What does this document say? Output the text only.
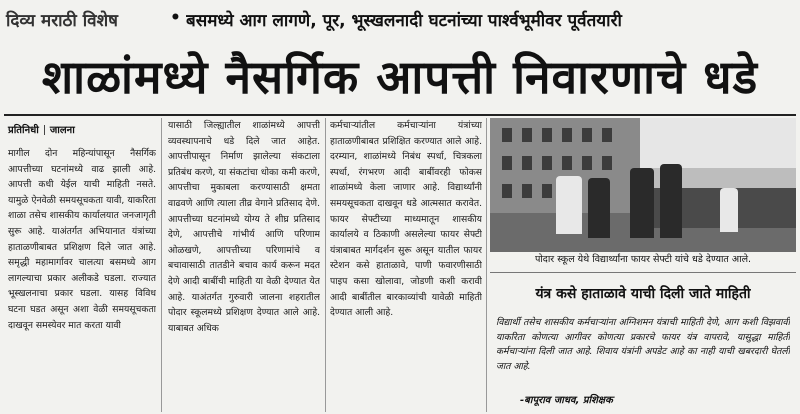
दिव्य मराठी विशेष	• बसमध्ये आग लागणे, पूर, भूस्खलनादी घटनांच्या पार्श्वभूमीवर पूर्वतयारी
शाळांमध्ये नैसर्गिक आपत्ती निवारणाचे धडे
प्रतिनिधी जालना
मागील दोन महिन्यांपासून नैसर्गिक आपत्तीच्या घटनांमध्ये वाढ झाली आहे. आपत्ती कधी येईल याची माहिती नसते. यामुळे ऐनवेळी समयसूचकता यावी, याकरिता शाळा तसेच शासकीय कार्यालयात जनजागृती सुरू आहे. याअंतर्गत अभियानात यंत्रांच्या हाताळणीबाबत प्रशिक्षण दिले जात आहे. समृद्धी महामार्गावर चालत्या बसमध्ये आग लागल्याचा प्रकार अलीकडे घडला. राज्यात भूस्खलनाचा प्रकार घडला. यासह विविध घटना घडत असून अशा वेळी समयसूचकता दाखवून समस्येवर मात करता यावी
यासाठी जिल्ह्यातील शाळांमध्ये आपत्ती व्यवस्थापनाचे धडे दिले जात आहेत. आपत्तीपासून निर्माण झालेल्या संकटाला प्रतिबंध करणे, या संकटांचा धोका कमी करणे, आपत्तीचा मुकाबला करण्यासाठी क्षमता वाढवणे आणि त्याला तीव्र वेगाने प्रतिसाद देणे. आपत्तीच्या घटनांमध्ये योग्य ते शीघ्र प्रतिसाद देणे, आपत्तीचे गांभीर्य आणि परिणाम ओळखणे, आपत्तीच्या परिणामांचे व बचावासाठी तातडीने बचाव कार्य करून मदत देणे आदी बाबींची माहिती या वेळी देण्यात येत आहे. याअंतर्गत गुरुवारी जालना शहरातील पोदार स्कूलमध्ये प्रशिक्षण देण्यात आले आहे. याबाबत अधिक
कर्मचाऱ्यांतील कर्मचाऱ्यांना यंत्रांच्या हाताळणीबाबत प्रशिक्षित करण्यात आले आहे. दरम्यान, शाळांमध्ये निबंध स्पर्धा, चित्रकला स्पर्धा, रंगभरण आदी बाबींवरही फोकस शाळांमध्ये केला जाणार आहे. विद्यार्थ्यांनी समयसूचकता दाखवून धडे आत्मसात करावेत. फायर सेफ्टीच्या माध्यमातून शासकीय कार्यालये व ठिकाणी असलेल्या फायर सेफ्टी यंत्राबाबत मार्गदर्शन सुरू असून यातील फायर स्टेशन कसे हाताळावे, पाणी फवारणीसाठी पाइप कसा खोलावा, जोडणी कशी करावी आदी बाबींतील बारकाव्यांची यावेळी माहिती देण्यात आली आहे.
पोदार स्कूल येथे विद्यार्थ्यांना फायर सेफ्टी यांचे धडे देण्यात आले.
यंत्र कसे हाताळावे याची दिली जाते माहिती
विद्यार्थी तसेच शासकीय कर्मचाऱ्यांना अग्निशमन यंत्राची माहिती देणे, आग कशी विझवावी याकरिता कोणत्या आगीवर कोणत्या प्रकारचे फायर यंत्र वापरावे, यासुद्धा माहिती कर्मचाऱ्यांना दिली जात आहे. शिवाय यंत्रांनी अपडेट आहे का नाही याची खबरदारी घेतली जात आहे.
-बापूराव जाधव, प्रशिक्षक
